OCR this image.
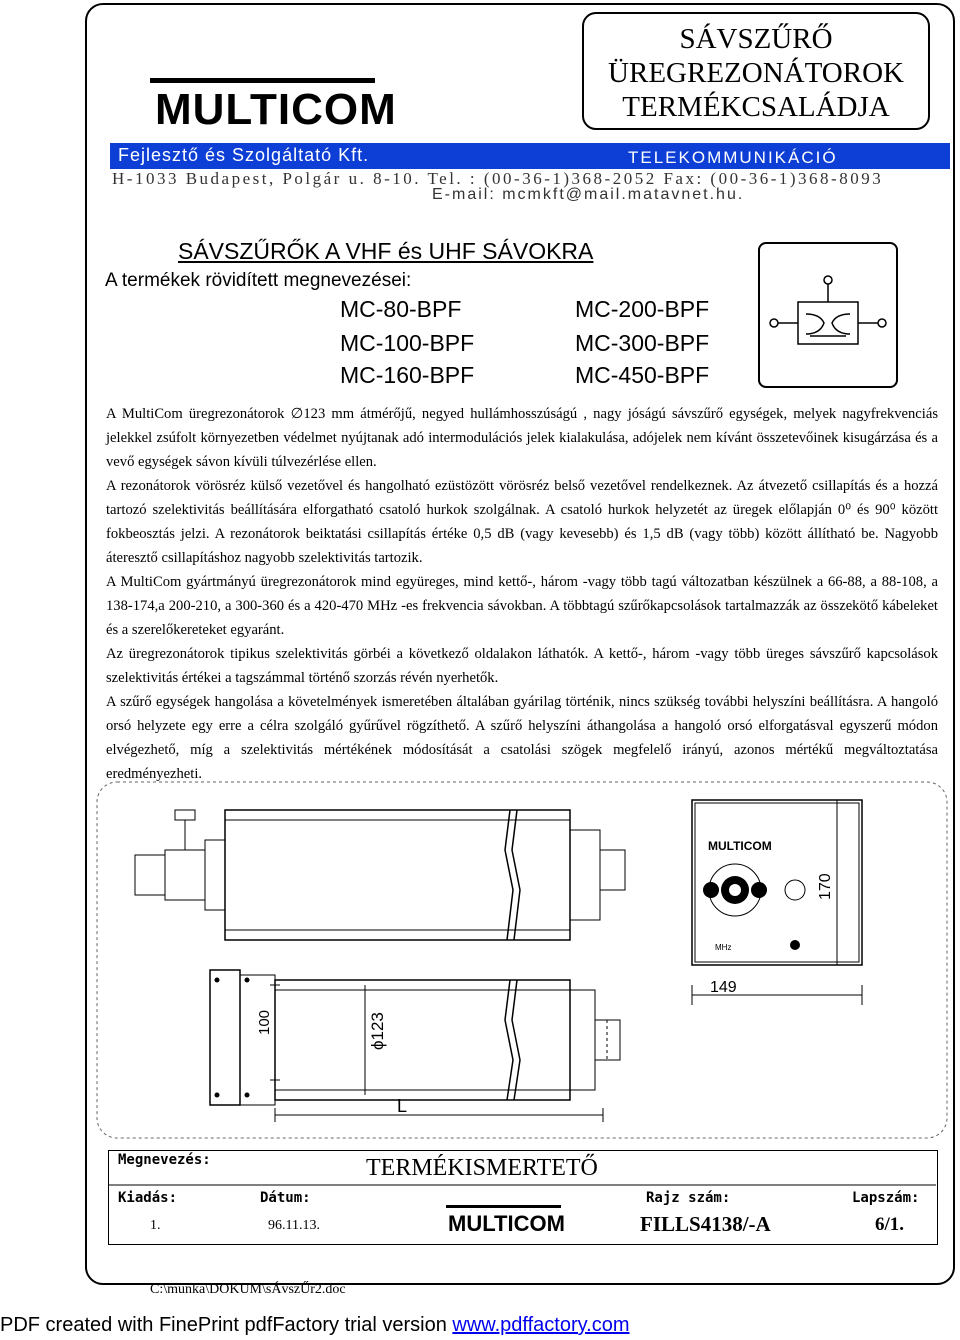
MULTICOM
SÁVSZŰRŐ
ÜREGREZONÁTOROK
TERMÉKCSALÁDJA
Fejlesztő és Szolgáltató Kft.	TELEKOMMUNIKÁCIÓ
H-1033 Budapest, Polgár u. 8-10. Tel. : (00-36-1)368-2052 Fax: (00-36-1)368-8093
E-mail: mcmkft@mail.matavnet.hu.
SÁVSZŰRŐK A VHF és UHF SÁVOKRA
A termékek rövidített megnevezései:
MC-80-BPF
MC-100-BPF
MC-160-BPF
MC-200-BPF
MC-300-BPF
MC-450-BPF

A MultiCom üregrezonátorok ∅123 mm átmérőjű, negyed hullámhosszúságú , nagy jóságú sávszűrő egységek, melyek nagyfrekvenciás jelekkel zsúfolt környezetben védelmet nyújtanak adó intermodulációs jelek kialakulása, adójelek nem kívánt összetevőinek kisugárzása és a vevő egységek sávon kívüli túlvezérlése ellen.

A rezonátorok vörösréz külső vezetővel és hangolható ezüstözött vörösréz belső vezetővel rendelkeznek. Az átvezető csillapítás és a hozzá tartozó szelektivitás beállítására elforgatható csatoló hurkok szolgálnak. A csatoló hurkok helyzetét az üregek előlapján 0⁰ és 90⁰ között fokbeosztás jelzi. A rezonátorok beiktatási csillapítás értéke 0,5 dB (vagy kevesebb) és 1,5 dB (vagy több) között állítható be. Nagyobb áteresztő csillapításhoz nagyobb szelektivitás tartozik.

A MultiCom gyártmányú üregrezonátorok mind együreges, mind kettő-, három -vagy több tagú változatban készülnek a 66-88, a 88-108, a 138-174,a 200-210, a 300-360 és a 420-470 MHz -es frekvencia sávokban. A többtagú szűrőkapcsolások tartalmazzák az összekötő kábeleket és a szerelőkereteket egyaránt.

Az üregrezonátorok tipikus szelektivitás görbéi a következő oldalakon láthatók. A kettő-, három -vagy több üreges sávszűrő kapcsolások szelektivitás értékei a tagszámmal történő szorzás révén nyerhetők.

A szűrő egységek hangolása a követelmények ismeretében általában gyárilag történik, nincs szükség további helyszíni beállításra. A hangoló orsó helyzete egy erre a célra szolgáló gyűrűvel rögzíthető. A szűrő helyszíni áthangolása a hangoló orsó elforgatásval egyszerű módon elvégezhető, míg a szelektivitás mértékének módosítását a csatolási szögek megfelelő irányú, azonos mértékű megváltoztatása eredményezheti.

100	ϕ123
L
MULTICOM
MHz
149
170
Megnevezés:	TERMÉKISMERTETŐ
Kiadás:	Dátum:	Rajz szám:	Lapszám:
1.	96.11.13.	MULTICOM	FILLS4138/-A	6/1.
C:\munka\DOKUM\sÁvszŰr2.doc
PDF created with FinePrint pdfFactory trial version www.pdffactory.com
